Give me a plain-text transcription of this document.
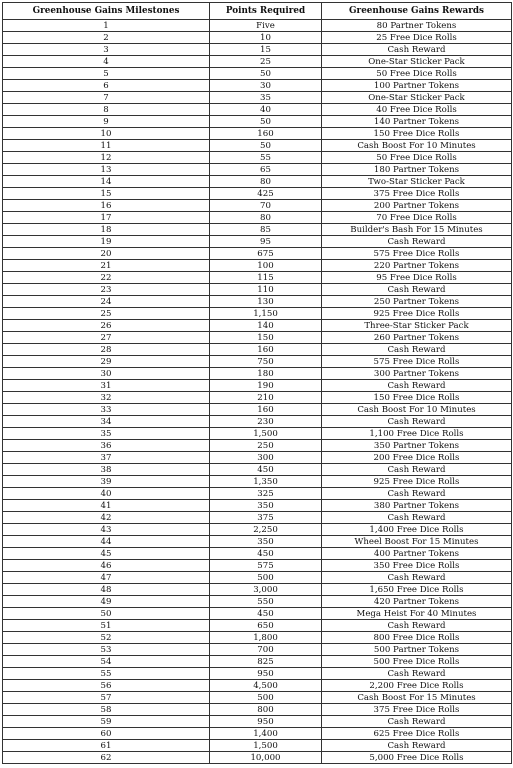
Greenhouse Gains Milestones	Points Required	Greenhouse Gains Rewards
1	Five	80 Partner Tokens
2	10	25 Free Dice Rolls
3	15	Cash Reward
4	25	One-Star Sticker Pack
5	50	50 Free Dice Rolls
6	30	100 Partner Tokens
7	35	One-Star Sticker Pack
8	40	40 Free Dice Rolls
9	50	140 Partner Tokens
10	160	150 Free Dice Rolls
11	50	Cash Boost For 10 Minutes
12	55	50 Free Dice Rolls
13	65	180 Partner Tokens
14	80	Two-Star Sticker Pack
15	425	375 Free Dice Rolls
16	70	200 Partner Tokens
17	80	70 Free Dice Rolls
18	85	Builder's Bash For 15 Minutes
19	95	Cash Reward
20	675	575 Free Dice Rolls
21	100	220 Partner Tokens
22	115	95 Free Dice Rolls
23	110	Cash Reward
24	130	250 Partner Tokens
25	1,150	925 Free Dice Rolls
26	140	Three-Star Sticker Pack
27	150	260 Partner Tokens
28	160	Cash Reward
29	750	575 Free Dice Rolls
30	180	300 Partner Tokens
31	190	Cash Reward
32	210	150 Free Dice Rolls
33	160	Cash Boost For 10 Minutes
34	230	Cash Reward
35	1,500	1,100 Free Dice Rolls
36	250	350 Partner Tokens
37	300	200 Free Dice Rolls
38	450	Cash Reward
39	1,350	925 Free Dice Rolls
40	325	Cash Reward
41	350	380 Partner Tokens
42	375	Cash Reward
43	2,250	1,400 Free Dice Rolls
44	350	Wheel Boost For 15 Minutes
45	450	400 Partner Tokens
46	575	350 Free Dice Rolls
47	500	Cash Reward
48	3,000	1,650 Free Dice Rolls
49	550	420 Partner Tokens
50	450	Mega Heist For 40 Minutes
51	650	Cash Reward
52	1,800	800 Free Dice Rolls
53	700	500 Partner Tokens
54	825	500 Free Dice Rolls
55	950	Cash Reward
56	4,500	2,200 Free Dice Rolls
57	500	Cash Boost For 15 Minutes
58	800	375 Free Dice Rolls
59	950	Cash Reward
60	1,400	625 Free Dice Rolls
61	1,500	Cash Reward
62	10,000	5,000 Free Dice Rolls
